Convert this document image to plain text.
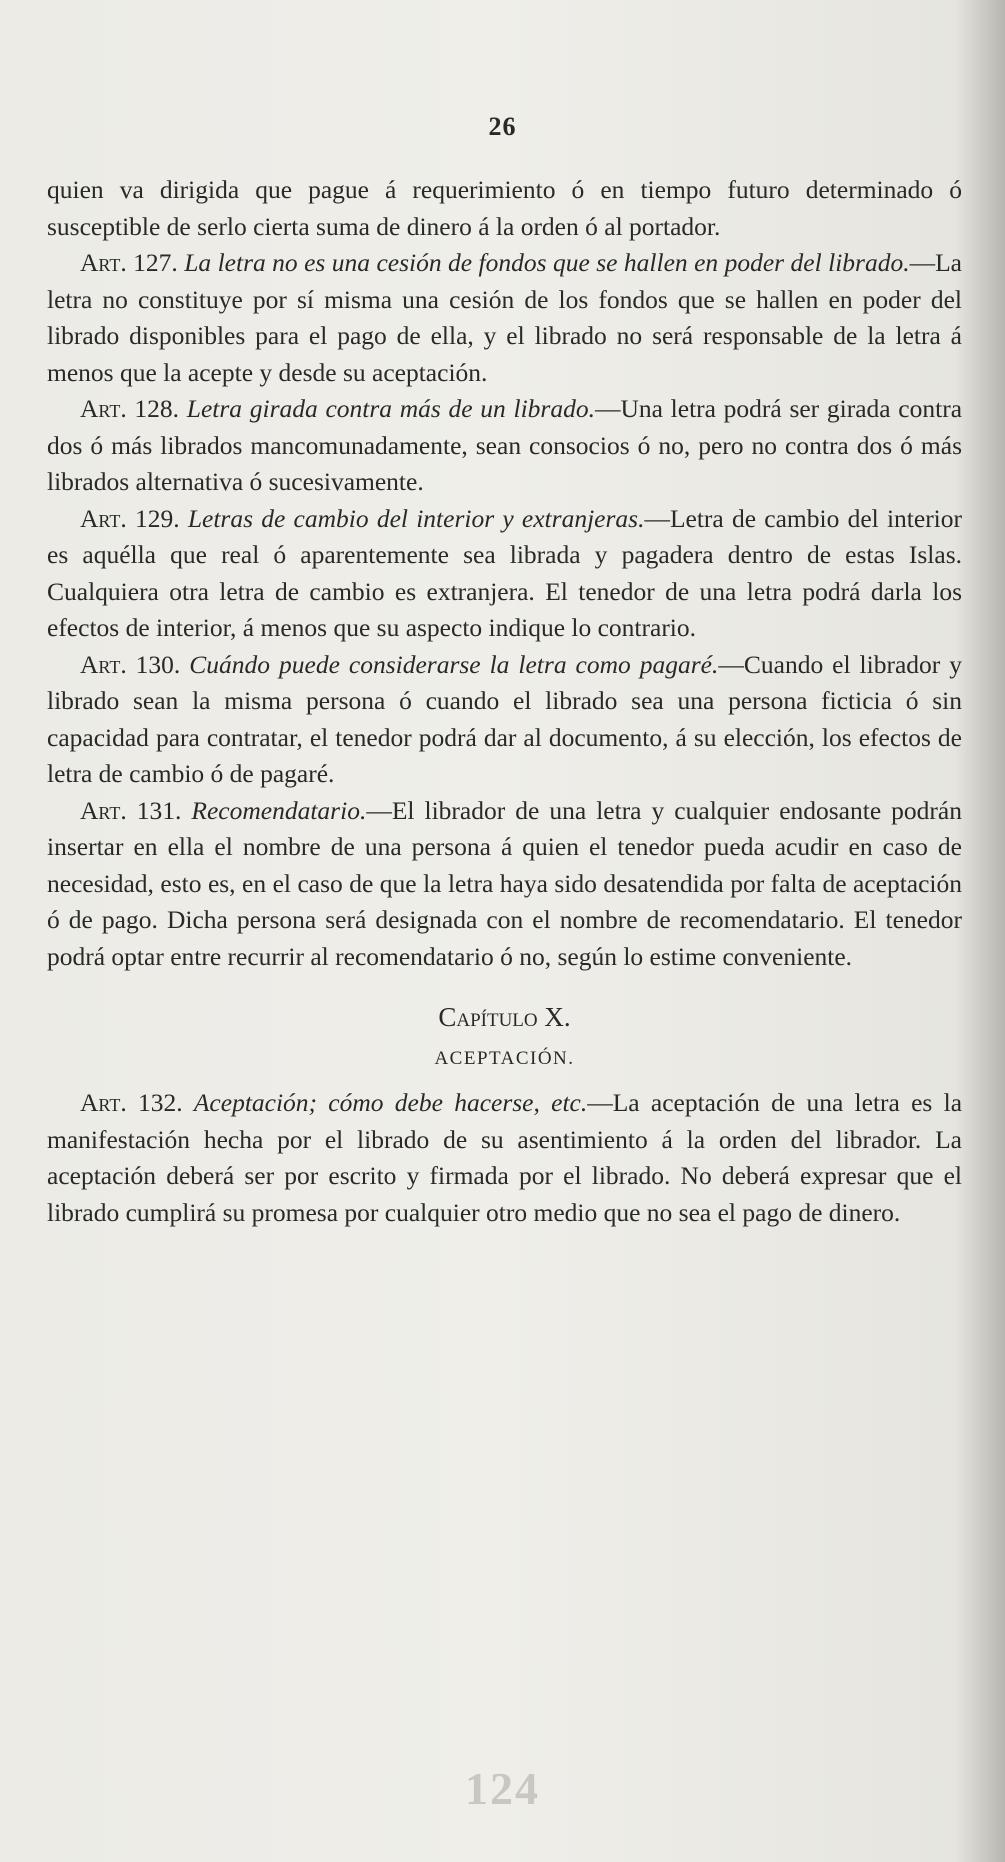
26

quien va dirigida que pague á requerimiento ó en tiempo futuro determinado ó susceptible de serlo cierta suma de dinero á la orden ó al portador.

Art. 127. La letra no es una cesión de fondos que se hallen en poder del librado.—La letra no constituye por sí misma una cesión de los fondos que se hallen en poder del librado disponibles para el pago de ella, y el librado no será responsable de la letra á menos que la acepte y desde su aceptación.

Art. 128. Letra girada contra más de un librado.—Una letra podrá ser girada contra dos ó más librados mancomunadamente, sean consocios ó no, pero no contra dos ó más librados alternativa ó sucesivamente.

Art. 129. Letras de cambio del interior y extranjeras.—Letra de cambio del interior es aquélla que real ó aparentemente sea librada y pagadera dentro de estas Islas. Cualquiera otra letra de cambio es extranjera. El tenedor de una letra podrá darla los efectos de interior, á menos que su aspecto indique lo contrario.

Art. 130. Cuándo puede considerarse la letra como pagaré.—Cuando el librador y librado sean la misma persona ó cuando el librado sea una persona ficticia ó sin capacidad para contratar, el tenedor podrá dar al documento, á su elección, los efectos de letra de cambio ó de pagaré.

Art. 131. Recomendatario.—El librador de una letra y cualquier endosante podrán insertar en ella el nombre de una persona á quien el tenedor pueda acudir en caso de necesidad, esto es, en el caso de que la letra haya sido desatendida por falta de aceptación ó de pago. Dicha persona será designada con el nombre de recomendatario. El tenedor podrá optar entre recurrir al recomendatario ó no, según lo estime conveniente.

Capítulo X.
ACEPTACIÓN.

Art. 132. Aceptación; cómo debe hacerse, etc.—La aceptación de una letra es la manifestación hecha por el librado de su asentimiento á la orden del librador. La aceptación deberá ser por escrito y firmada por el librado. No deberá expresar que el librado cumplirá su promesa por cualquier otro medio que no sea el pago de dinero.

124
